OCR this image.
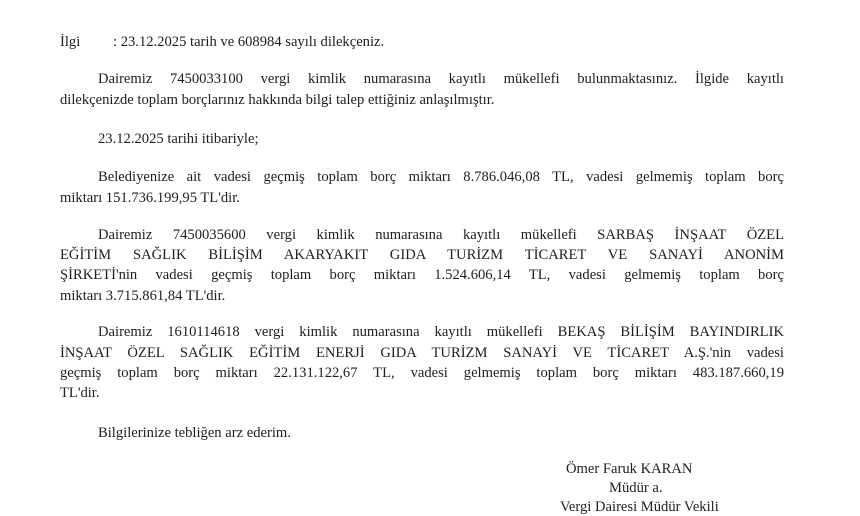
İlgi : 23.12.2025 tarih ve 608984 sayılı dilekçeniz.
Dairemiz 7450033100 vergi kimlik numarasına kayıtlı mükellefi bulunmaktasınız. İlgide kayıtlı
dilekçenizde toplam borçlarınız hakkında bilgi talep ettiğiniz anlaşılmıştır.
23.12.2025 tarihi itibariyle;
Belediyenize ait vadesi geçmiş toplam borç miktarı 8.786.046,08 TL, vadesi gelmemiş toplam borç
miktarı 151.736.199,95 TL'dir.
Dairemiz 7450035600 vergi kimlik numarasına kayıtlı mükellefi SARBAŞ İNŞAAT ÖZEL
EĞİTİM SAĞLIK BİLİŞİM AKARYAKIT GIDA TURİZM TİCARET VE SANAYİ ANONİM
ŞİRKETİ'nin vadesi geçmiş toplam borç miktarı 1.524.606,14 TL, vadesi gelmemiş toplam borç
miktarı 3.715.861,84 TL'dir.
Dairemiz 1610114618 vergi kimlik numarasına kayıtlı mükellefi BEKAŞ BİLİŞİM BAYINDIRLIK
İNŞAAT ÖZEL SAĞLIK EĞİTİM ENERJİ GIDA TURİZM SANAYİ VE TİCARET A.Ş.'nin vadesi
geçmiş toplam borç miktarı 22.131.122,67 TL, vadesi gelmemiş toplam borç miktarı 483.187.660,19
TL'dir.
Bilgilerinize tebliğen arz ederim.
Ömer Faruk KARAN
Müdür a.
Vergi Dairesi Müdür Vekili
